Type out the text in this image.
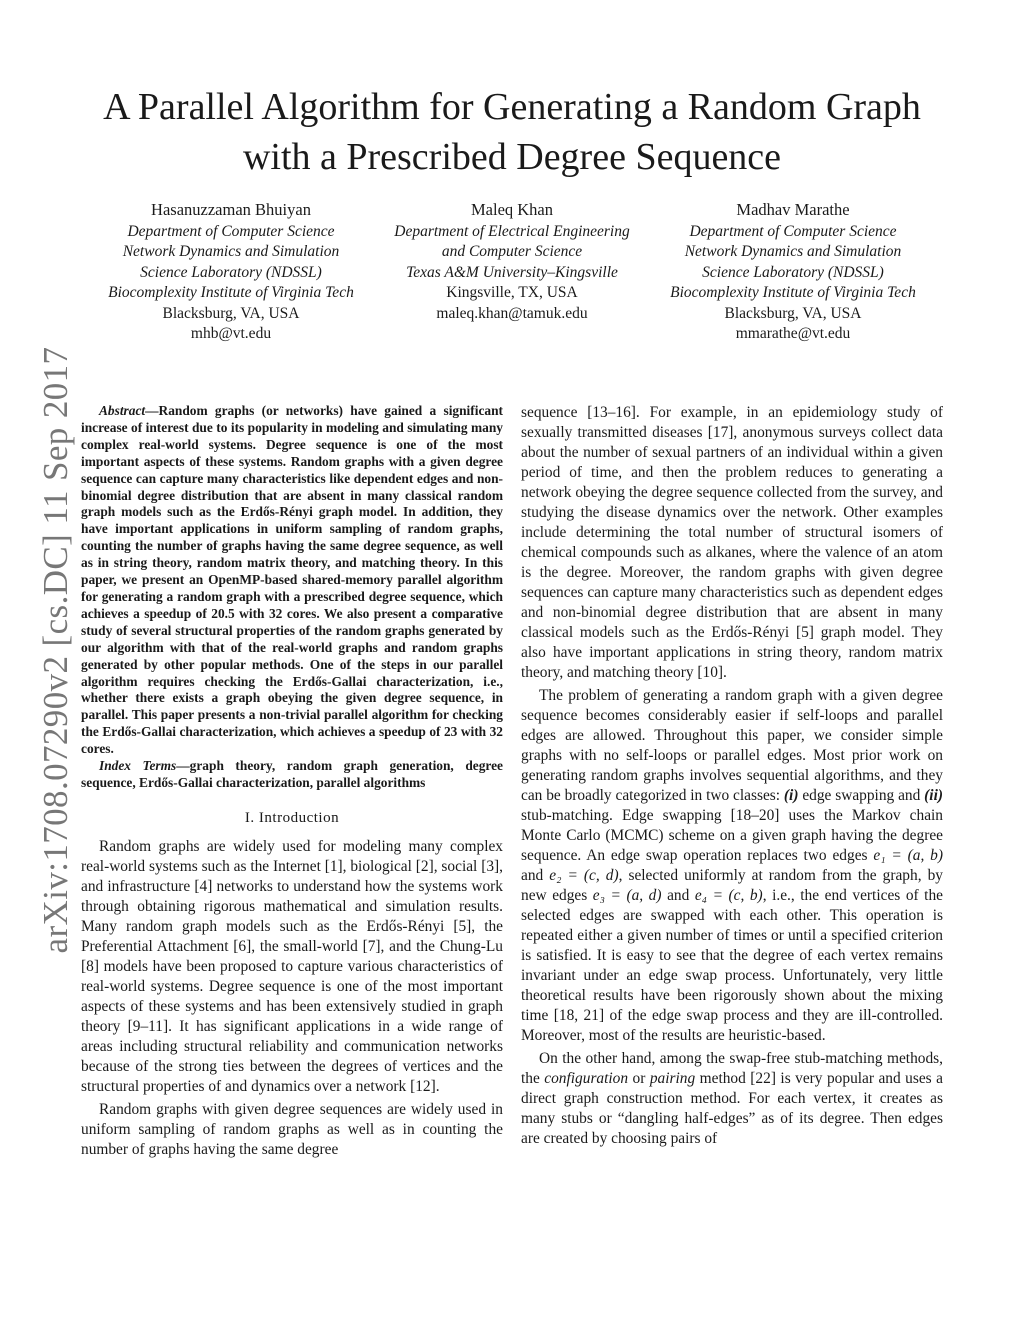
arXiv:1708.07290v2 [cs.DC] 11 Sep 2017
A Parallel Algorithm for Generating a Random Graph with a Prescribed Degree Sequence
Hasanuzzaman Bhuiyan
Department of Computer Science
Network Dynamics and Simulation
Science Laboratory (NDSSL)
Biocomplexity Institute of Virginia Tech
Blacksburg, VA, USA
mhb@vt.edu
Maleq Khan
Department of Electrical Engineering
and Computer Science
Texas A&M University–Kingsville
Kingsville, TX, USA
maleq.khan@tamuk.edu
Madhav Marathe
Department of Computer Science
Network Dynamics and Simulation
Science Laboratory (NDSSL)
Biocomplexity Institute of Virginia Tech
Blacksburg, VA, USA
mmarathe@vt.edu

Abstract—Random graphs (or networks) have gained a significant increase of interest due to its popularity in modeling and simulating many complex real-world systems. Degree sequence is one of the most important aspects of these systems. Random graphs with a given degree sequence can capture many characteristics like dependent edges and non-binomial degree distribution that are absent in many classical random graph models such as the Erdős-Rényi graph model. In addition, they have important applications in uniform sampling of random graphs, counting the number of graphs having the same degree sequence, as well as in string theory, random matrix theory, and matching theory. In this paper, we present an OpenMP-based shared-memory parallel algorithm for generating a random graph with a prescribed degree sequence, which achieves a speedup of 20.5 with 32 cores. We also present a comparative study of several structural properties of the random graphs generated by our algorithm with that of the real-world graphs and random graphs generated by other popular methods. One of the steps in our parallel algorithm requires checking the Erdős-Gallai characterization, i.e., whether there exists a graph obeying the given degree sequence, in parallel. This paper presents a non-trivial parallel algorithm for checking the Erdős-Gallai characterization, which achieves a speedup of 23 with 32 cores.

Index Terms—graph theory, random graph generation, degree sequence, Erdős-Gallai characterization, parallel algorithms

I. Introduction

Random graphs are widely used for modeling many complex real-world systems such as the Internet [1], biological [2], social [3], and infrastructure [4] networks to understand how the systems work through obtaining rigorous mathematical and simulation results. Many random graph models such as the Erdős-Rényi [5], the Preferential Attachment [6], the small-world [7], and the Chung-Lu [8] models have been proposed to capture various characteristics of real-world systems. Degree sequence is one of the most important aspects of these systems and has been extensively studied in graph theory [9–11]. It has significant applications in a wide range of areas including structural reliability and communication networks because of the strong ties between the degrees of vertices and the structural properties of and dynamics over a network [12].

Random graphs with given degree sequences are widely used in uniform sampling of random graphs as well as in counting the number of graphs having the same degree

sequence [13–16]. For example, in an epidemiology study of sexually transmitted diseases [17], anonymous surveys collect data about the number of sexual partners of an individual within a given period of time, and then the problem reduces to generating a network obeying the degree sequence collected from the survey, and studying the disease dynamics over the network. Other examples include determining the total number of structural isomers of chemical compounds such as alkanes, where the valence of an atom is the degree. Moreover, the random graphs with given degree sequences can capture many characteristics such as dependent edges and non-binomial degree distribution that are absent in many classical models such as the Erdős-Rényi [5] graph model. They also have important applications in string theory, random matrix theory, and matching theory [10].

The problem of generating a random graph with a given degree sequence becomes considerably easier if self-loops and parallel edges are allowed. Throughout this paper, we consider simple graphs with no self-loops or parallel edges. Most prior work on generating random graphs involves sequential algorithms, and they can be broadly categorized in two classes: (i) edge swapping and (ii) stub-matching. Edge swapping [18–20] uses the Markov chain Monte Carlo (MCMC) scheme on a given graph having the degree sequence. An edge swap operation replaces two edges e₁ = (a, b) and e₂ = (c, d), selected uniformly at random from the graph, by new edges e₃ = (a, d) and e₄ = (c, b), i.e., the end vertices of the selected edges are swapped with each other. This operation is repeated either a given number of times or until a specified criterion is satisfied. It is easy to see that the degree of each vertex remains invariant under an edge swap process. Unfortunately, very little theoretical results have been rigorously shown about the mixing time [18, 21] of the edge swap process and they are ill-controlled. Moreover, most of the results are heuristic-based.

On the other hand, among the swap-free stub-matching methods, the configuration or pairing method [22] is very popular and uses a direct graph construction method. For each vertex, it creates as many stubs or “dangling half-edges” as of its degree. Then edges are created by choosing pairs of
